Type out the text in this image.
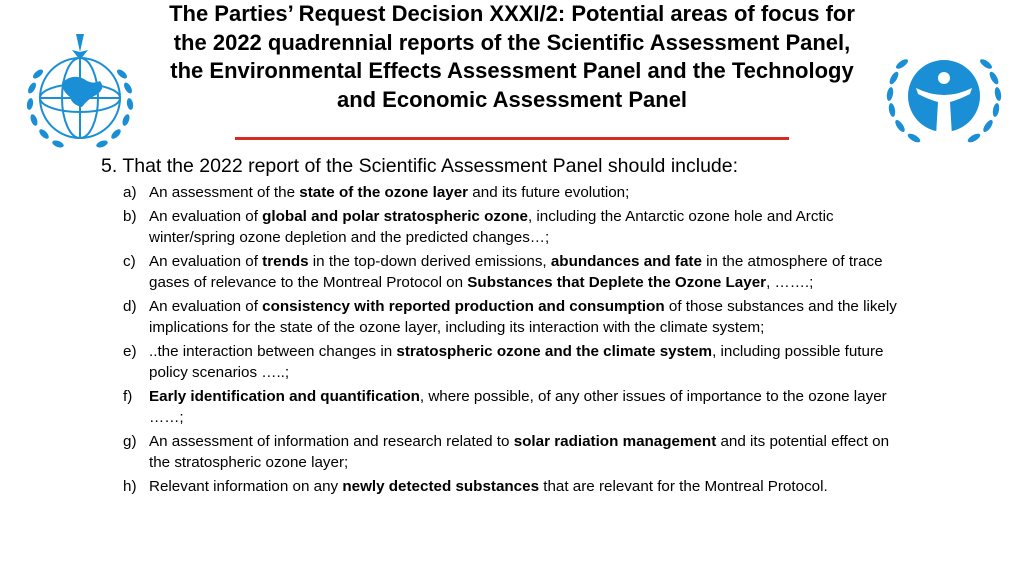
The Parties’ Request Decision XXXI/2: Potential areas of focus for the 2022 quadrennial reports of the Scientific Assessment Panel, the Environmental Effects Assessment Panel and the Technology and Economic Assessment Panel

5. That the 2022 report of the Scientific Assessment Panel should include:

a) An assessment of the state of the ozone layer and its future evolution;
b) An evaluation of global and polar stratospheric ozone, including the Antarctic ozone hole and Arctic winter/spring ozone depletion and the predicted changes…;
c) An evaluation of trends in the top-down derived emissions, abundances and fate in the atmosphere of trace gases of relevance to the Montreal Protocol on Substances that Deplete the Ozone Layer, …….;
d) An evaluation of consistency with reported production and consumption of those substances and the likely implications for the state of the ozone layer, including its interaction with the climate system;
e) ..the interaction between changes in stratospheric ozone and the climate system, including possible future policy scenarios …..;
f)	Early identification and quantification, where possible, of any other issues of importance to the ozone layer ……;
g) An assessment of information and research related to solar radiation management and its potential effect on the stratospheric ozone layer;
h) Relevant information on any newly detected substances that are relevant for the Montreal Protocol.
